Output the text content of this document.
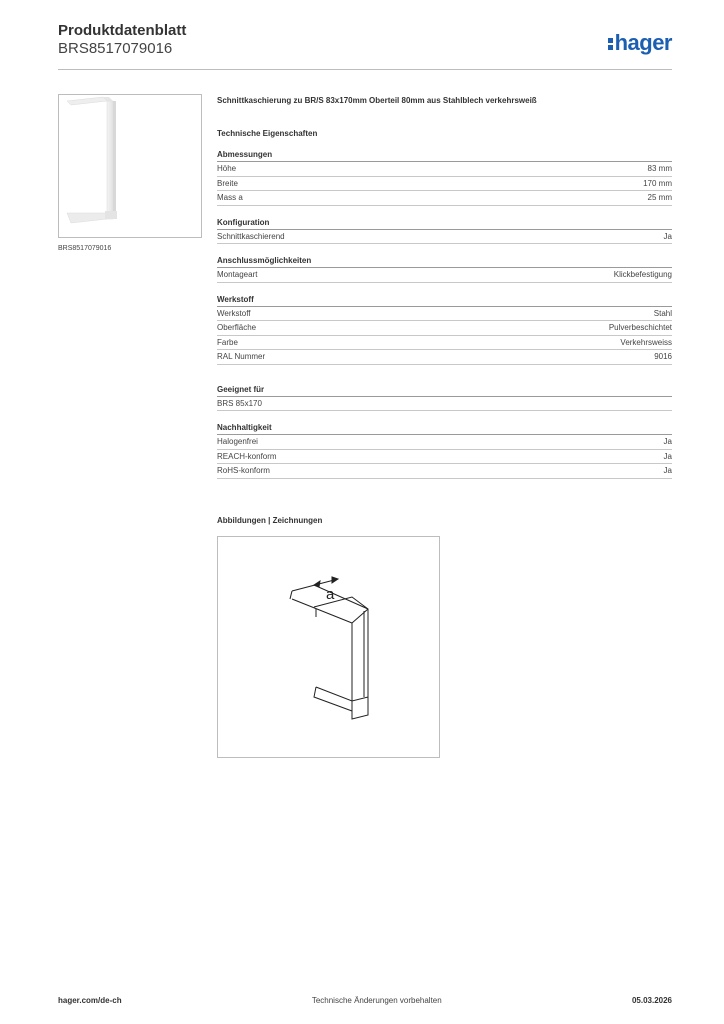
Produktdatenblatt
BRS8517079016	hager
BRS8517079016
Schnittkaschierung zu BR/S 83x170mm Oberteil 80mm aus Stahlblech verkehrsweiß
Technische Eigenschaften
Abmessungen
Höhe	83 mm
Breite	170 mm
Mass a	25 mm
Konfiguration
Schnittkaschierend	Ja
Anschlussmöglichkeiten
Montageart	Klickbefestigung
Werkstoff
Werkstoff	Stahl
Oberfläche	Pulverbeschichtet
Farbe	Verkehrsweiss
RAL Nummer	9016
Geeignet für
BRS 85x170
Nachhaltigkeit
Halogenfrei	Ja
REACH-konform	Ja
RoHS-konform	Ja
Abbildungen | Zeichnungen
a
hager.com/de-ch	Technische Änderungen vorbehalten	05.03.2026
